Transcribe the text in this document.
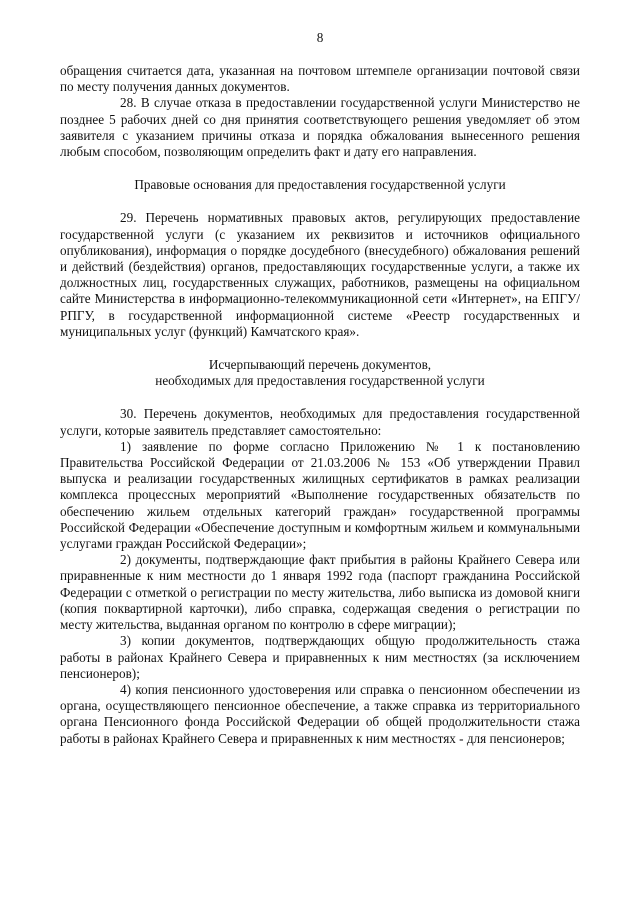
8

обращения считается дата, указанная на почтовом штемпеле организации почтовой связи по месту получения данных документов.

28. В случае отказа в предоставлении государственной услуги Министерство не позднее 5 рабочих дней со дня принятия соответствующего решения уведомляет об этом заявителя с указанием причины отказа и порядка обжалования вынесенного решения любым способом, позволяющим определить факт и дату его направления.

Правовые основания для предоставления государственной услуги

29. Перечень нормативных правовых актов, регулирующих предоставление государственной услуги (с указанием их реквизитов и источников официального опубликования), информация о порядке досудебного (внесудебного) обжалования решений и действий (бездействия) органов, предоставляющих государственные услуги, а также их должностных лиц, государственных служащих, работников, размещены на официальном сайте Министерства в информационно-телекоммуникационной сети «Интернет», на ЕПГУ/РПГУ, в государственной информационной системе «Реестр государственных и муниципальных услуг (функций) Камчатского края».

Исчерпывающий перечень документов,

необходимых для предоставления государственной услуги

30. Перечень документов, необходимых для предоставления государственной услуги, которые заявитель представляет самостоятельно:

1) заявление по форме согласно Приложению № 1 к постановлению Правительства Российской Федерации от 21.03.2006 № 153 «Об утверждении Правил выпуска и реализации государственных жилищных сертификатов в рамках реализации комплекса процессных мероприятий «Выполнение государственных обязательств по обеспечению жильем отдельных категорий граждан» государственной программы Российской Федерации «Обеспечение доступным и комфортным жильем и коммунальными услугами граждан Российской Федерации»;

2) документы, подтверждающие факт прибытия в районы Крайнего Севера или приравненные к ним местности до 1 января 1992 года (паспорт гражданина Российской Федерации с отметкой о регистрации по месту жительства, либо выписка из домовой книги (копия поквартирной карточки), либо справка, содержащая сведения о регистрации по месту жительства, выданная органом по контролю в сфере миграции);

3) копии документов, подтверждающих общую продолжительность стажа работы в районах Крайнего Севера и приравненных к ним местностях (за исключением пенсионеров);

4) копия пенсионного удостоверения или справка о пенсионном обеспечении из органа, осуществляющего пенсионное обеспечение, а также справка из территориального органа Пенсионного фонда Российской Федерации об общей продолжительности стажа работы в районах Крайнего Севера и приравненных к ним местностях - для пенсионеров;
